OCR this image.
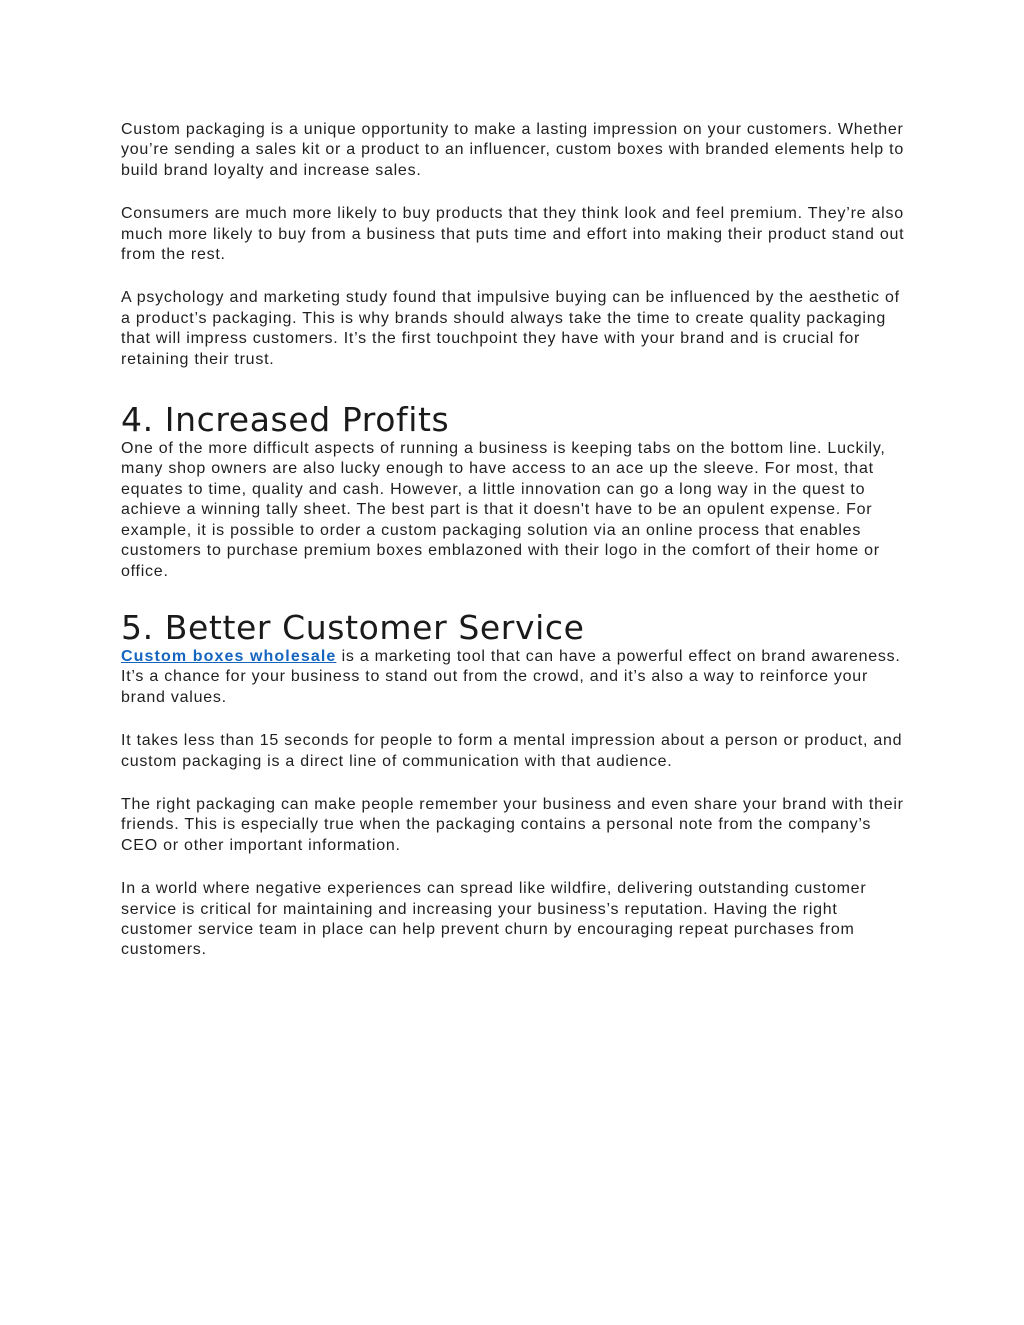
Custom packaging is a unique opportunity to make a lasting impression on your customers. Whether you’re sending a sales kit or a product to an influencer, custom boxes with branded elements help to build brand loyalty and increase sales.

Consumers are much more likely to buy products that they think look and feel premium. They’re also much more likely to buy from a business that puts time and effort into making their product stand out from the rest.

A psychology and marketing study found that impulsive buying can be influenced by the aesthetic of a product’s packaging. This is why brands should always take the time to create quality packaging that will impress customers. It’s the first touchpoint they have with your brand and is crucial for retaining their trust.

4. Increased Profits

One of the more difficult aspects of running a business is keeping tabs on the bottom line. Luckily, many shop owners are also lucky enough to have access to an ace up the sleeve. For most, that equates to time, quality and cash. However, a little innovation can go a long way in the quest to achieve a winning tally sheet. The best part is that it doesn't have to be an opulent expense. For example, it is possible to order a custom packaging solution via an online process that enables customers to purchase premium boxes emblazoned with their logo in the comfort of their home or office.

5. Better Customer Service

Custom boxes wholesale is a marketing tool that can have a powerful effect on brand awareness. It’s a chance for your business to stand out from the crowd, and it’s also a way to reinforce your brand values.

It takes less than 15 seconds for people to form a mental impression about a person or product, and custom packaging is a direct line of communication with that audience.

The right packaging can make people remember your business and even share your brand with their friends. This is especially true when the packaging contains a personal note from the company’s CEO or other important information.

In a world where negative experiences can spread like wildfire, delivering outstanding customer service is critical for maintaining and increasing your business’s reputation. Having the right customer service team in place can help prevent churn by encouraging repeat purchases from customers.
